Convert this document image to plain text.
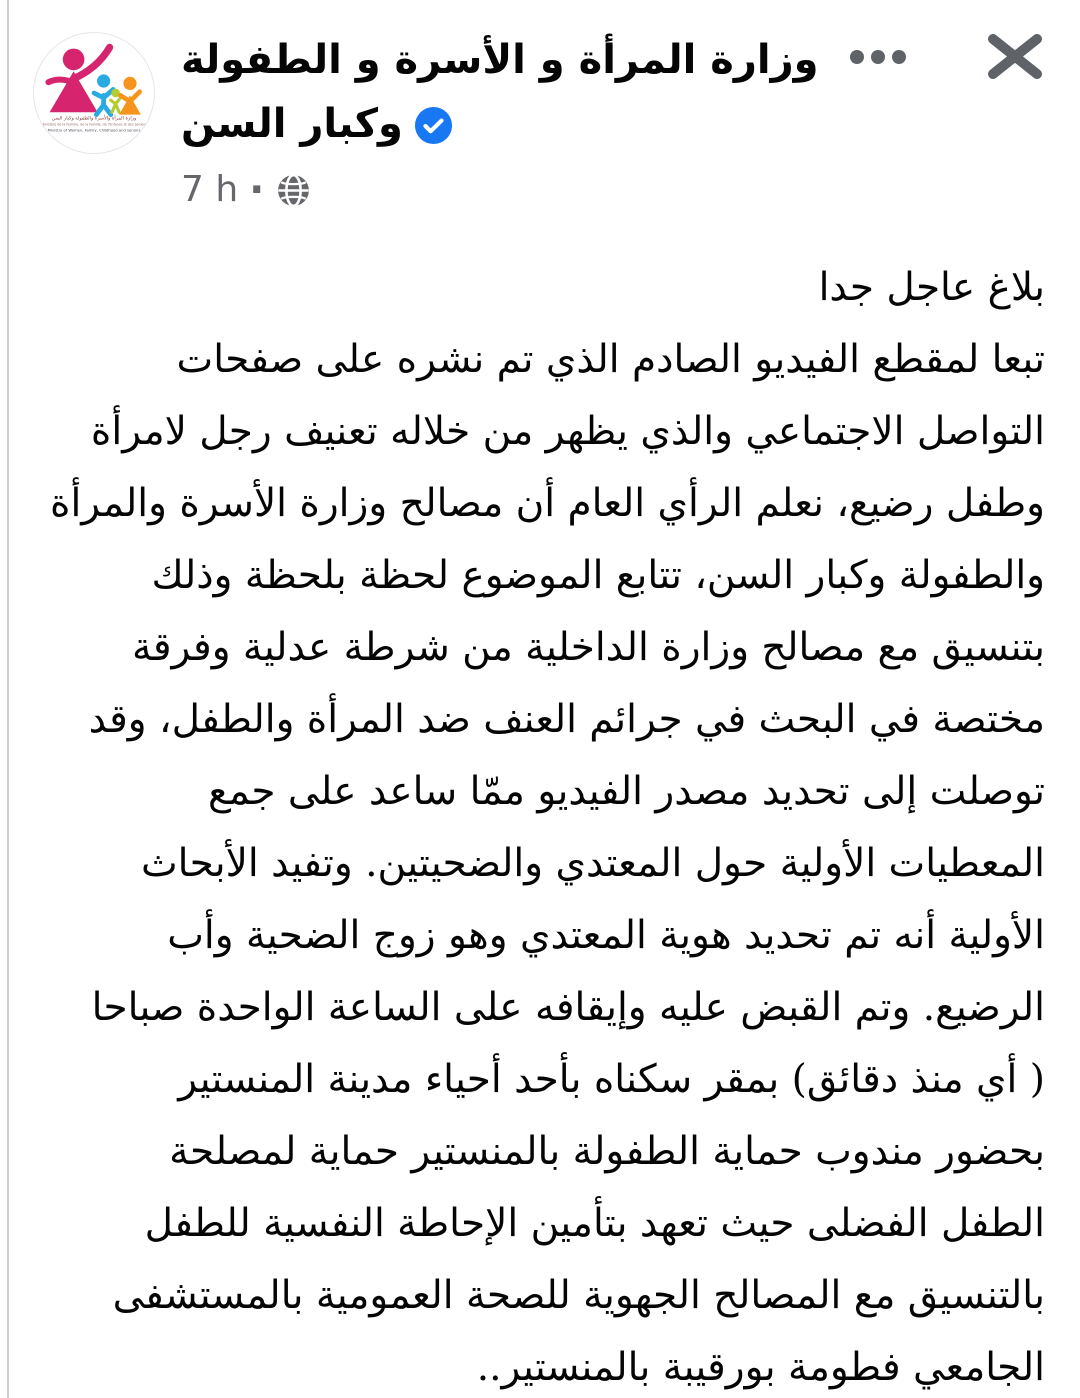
وزارة المرأة والأسرة والطفولة وكبار السن
Ministère de la Femme, de la Famille, de l'Enfance et des Seniors
Ministry of Women, Family, Childhood and seniors
وزارة المرأة و الأسرة و الطفولة
وكبار السن
7 h ·
بلاغ عاجل جدا
تبعا لمقطع الفيديو الصادم الذي تم نشره على صفحات
التواصل الاجتماعي والذي يظهر من خلاله تعنيف رجل لامرأة
وطفل رضيع، نعلم الرأي العام أن مصالح وزارة الأسرة والمرأة
والطفولة وكبار السن، تتابع الموضوع لحظة بلحظة وذلك
بتنسيق مع مصالح وزارة الداخلية من شرطة عدلية وفرقة
مختصة في البحث في جرائم العنف ضد المرأة والطفل، وقد
توصلت إلى تحديد مصدر الفيديو ممّا ساعد على جمع
المعطيات الأولية حول المعتدي والضحيتين. وتفيد الأبحاث
الأولية أنه تم تحديد هوية المعتدي وهو زوج الضحية وأب
الرضيع. وتم القبض عليه وإيقافه على الساعة الواحدة صباحا
( أي منذ دقائق) بمقر سكناه بأحد أحياء مدينة المنستير
بحضور مندوب حماية الطفولة بالمنستير حماية لمصلحة
الطفل الفضلى حيث تعهد بتأمين الإحاطة النفسية للطفل
بالتنسيق مع المصالح الجهوية للصحة العمومية بالمستشفى
الجامعي فطومة بورقيبة بالمنستير..
